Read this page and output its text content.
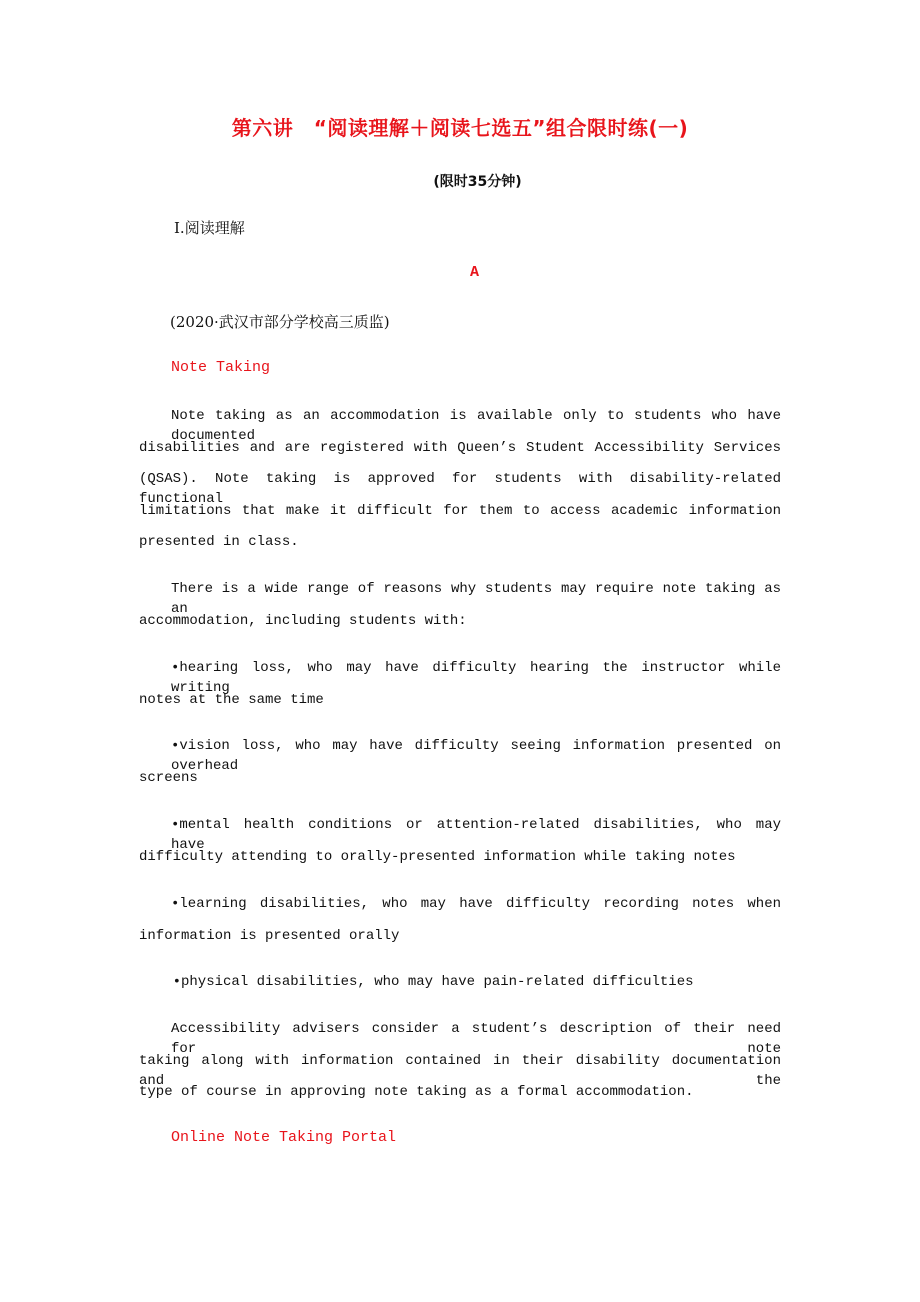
第六讲　“阅读理解＋阅读七选五”组合限时练(一)
(限时35分钟)
Ⅰ.阅读理解
A
(2020·武汉市部分学校高三质监)
Note Taking
Note taking as an accommodation is available only to students who have documented
disabilities and are registered with Queen’s Student Accessibility Services
(QSAS). Note taking is approved for students with disability-related functional
limitations that make it difficult for them to access academic information
presented in class.
There is a wide range of reasons why students may require note taking as an
accommodation, including students with:
•hearing loss, who may have difficulty hearing the instructor while writing
notes at the same time
•vision loss, who may have difficulty seeing information presented on overhead
screens
•mental health conditions or attention-related disabilities, who may have
difficulty attending to orally-presented information while taking notes
•learning disabilities, who may have difficulty recording notes when
information is presented orally
•physical disabilities, who may have pain-related difficulties
Accessibility advisers consider a student’s description of their need for note
taking along with information contained in their disability documentation and the
type of course in approving note taking as a formal accommodation.
Online Note Taking Portal
